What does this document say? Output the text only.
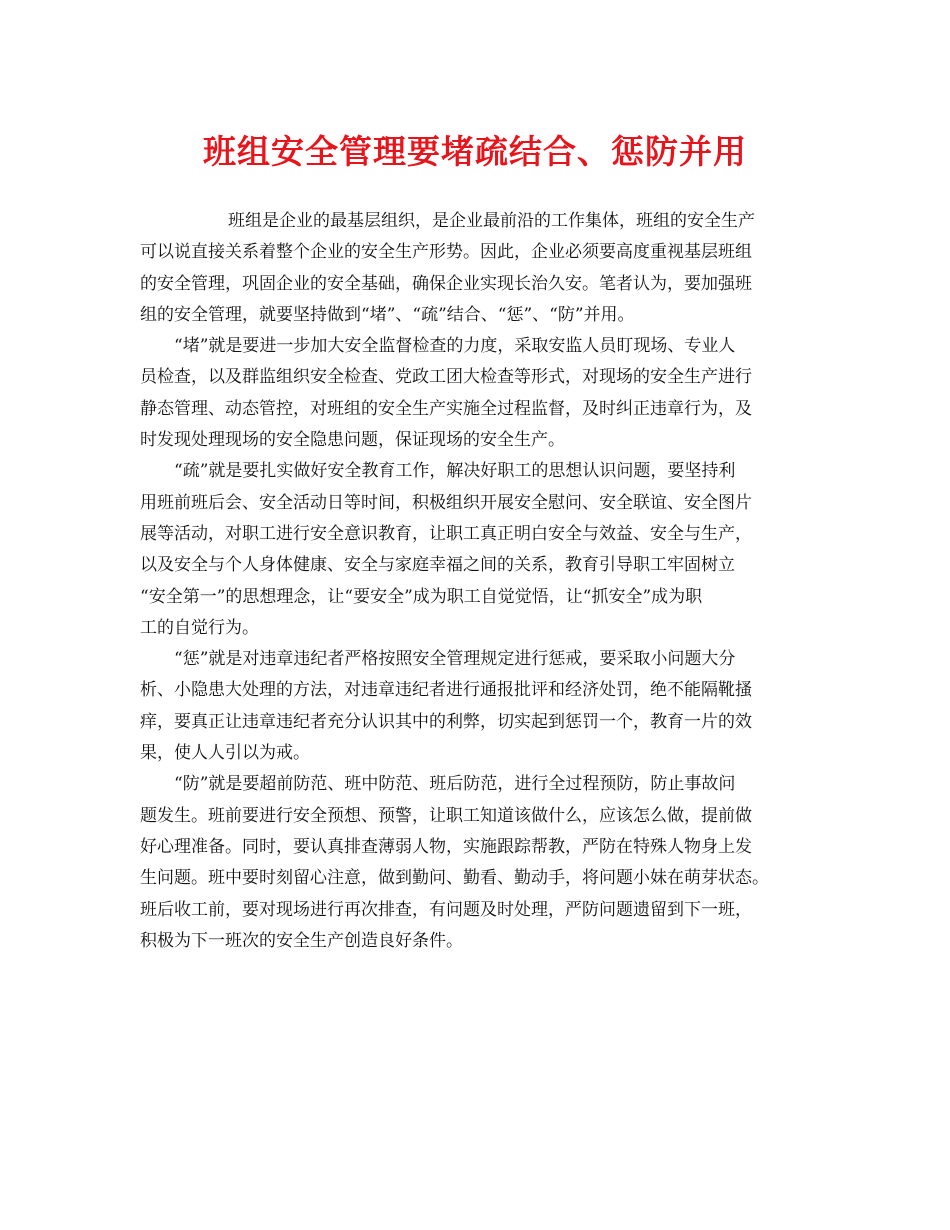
班组安全管理要堵疏结合、惩防并用
班组是企业的最基层组织，是企业最前沿的工作集体，班组的安全生产
可以说直接关系着整个企业的安全生产形势。因此，企业必须要高度重视基层班组
的安全管理，巩固企业的安全基础，确保企业实现长治久安。笔者认为，要加强班
组的安全管理，就要坚持做到“堵”、“疏”结合、“惩”、“防”并用。
“堵”就是要进一步加大安全监督检查的力度，采取安监人员盯现场、专业人
员检查，以及群监组织安全检查、党政工团大检查等形式，对现场的安全生产进行
静态管理、动态管控，对班组的安全生产实施全过程监督，及时纠正违章行为，及
时发现处理现场的安全隐患问题，保证现场的安全生产。
“疏”就是要扎实做好安全教育工作，解决好职工的思想认识问题，要坚持利
用班前班后会、安全活动日等时间，积极组织开展安全慰问、安全联谊、安全图片
展等活动，对职工进行安全意识教育，让职工真正明白安全与效益、安全与生产，
以及安全与个人身体健康、安全与家庭幸福之间的关系，教育引导职工牢固树立
“安全第一”的思想理念，让“要安全”成为职工自觉觉悟，让“抓安全”成为职
工的自觉行为。
“惩”就是对违章违纪者严格按照安全管理规定进行惩戒，要采取小问题大分
析、小隐患大处理的方法，对违章违纪者进行通报批评和经济处罚，绝不能隔靴搔
痒，要真正让违章违纪者充分认识其中的利弊，切实起到惩罚一个，教育一片的效
果，使人人引以为戒。
“防”就是要超前防范、班中防范、班后防范，进行全过程预防，防止事故问
题发生。班前要进行安全预想、预警，让职工知道该做什么，应该怎么做，提前做
好心理准备。同时，要认真排查薄弱人物，实施跟踪帮教，严防在特殊人物身上发
生问题。班中要时刻留心注意，做到勤问、勤看、勤动手，将问题小妹在萌芽状态。
班后收工前，要对现场进行再次排查，有问题及时处理，严防问题遗留到下一班，
积极为下一班次的安全生产创造良好条件。
